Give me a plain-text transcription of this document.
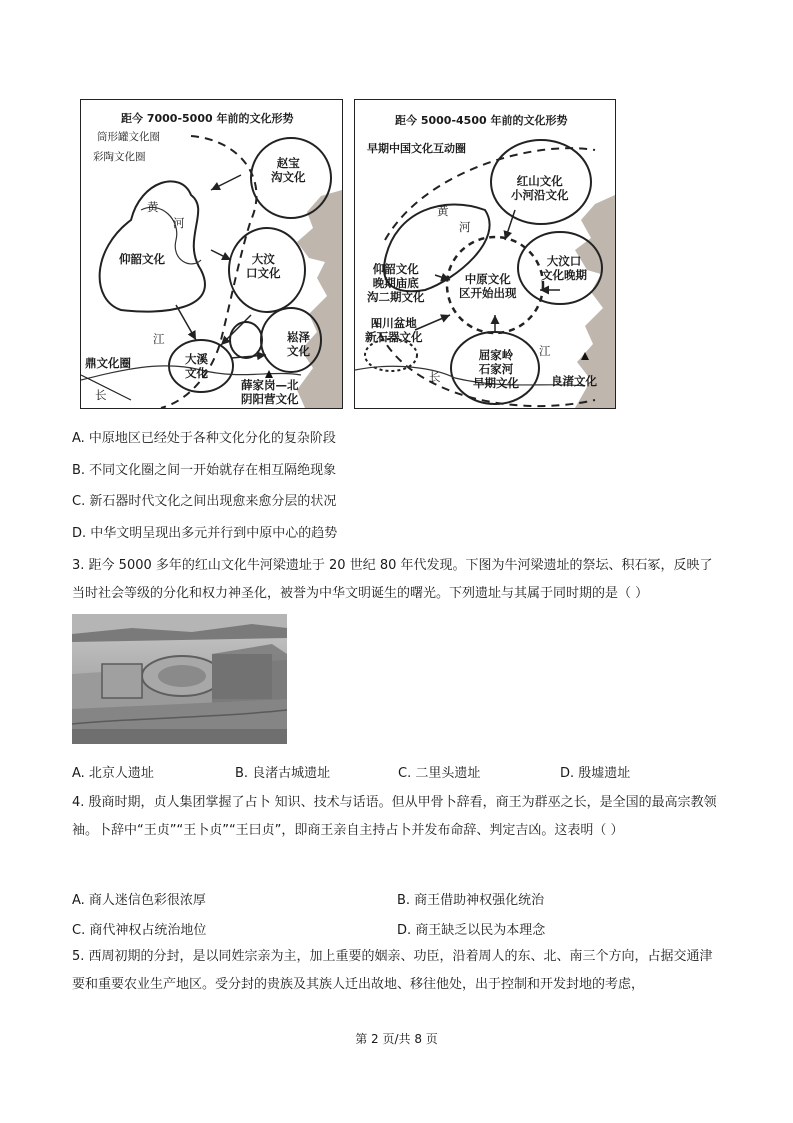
距今 7000-5000 年前的文化形势
筒形罐文化圈
彩陶文化圈	赵宝
沟文化
黄
河
仰韶文化	大汶
口文化
崧泽
文化
大溪
文化
江
长
鼎文化圈
薛家岗—北
阴阳营文化
距今 5000-4500 年前的文化形势
早期中国文化互动圈
红山文化
小河沿文化
黄
河
仰韶文化
晚期庙底
沟二期文化
中原文化
区开始出现
大汶口
文化晚期
四川盆地
新石器文化
屈家岭
石家河
早期文化
江
长	良渚文化
A. 中原地区已经处于各种文化分化的复杂阶段
B. 不同文化圈之间一开始就存在相互隔绝现象
C. 新石器时代文化之间出现愈来愈分层的状况
D. 中华文明呈现出多元并行到中原中心的趋势
3. 距今 5000 多年的红山文化牛河梁遗址于 20 世纪 80 年代发现。下图为牛河梁遗址的祭坛、积石冢，反映了当时社会等级的分化和权力神圣化，被誉为中华文明诞生的曙光。下列遗址与其属于同时期的是（ ）
A. 北京人遗址	B. 良渚古城遗址	C. 二里头遗址	D. 殷墟遗址
4. 殷商时期，贞人集团掌握了占卜 知识、技术与话语。但从甲骨卜辞看，商王为群巫之长，是全国的最高宗教领袖。卜辞中“王贞”“王卜贞”“王曰贞”，即商王亲自主持占卜并发布命辞、判定吉凶。这表明（ ）
A. 商人迷信色彩很浓厚	B. 商王借助神权强化统治
C. 商代神权占统治地位	D. 商王缺乏以民为本理念
5. 西周初期的分封，是以同姓宗亲为主，加上重要的姻亲、功臣，沿着周人的东、北、南三个方向，占据交通津要和重要农业生产地区。受分封的贵族及其族人迁出故地、移往他处，出于控制和开发封地的考虑，
第 2 页/共 8 页
